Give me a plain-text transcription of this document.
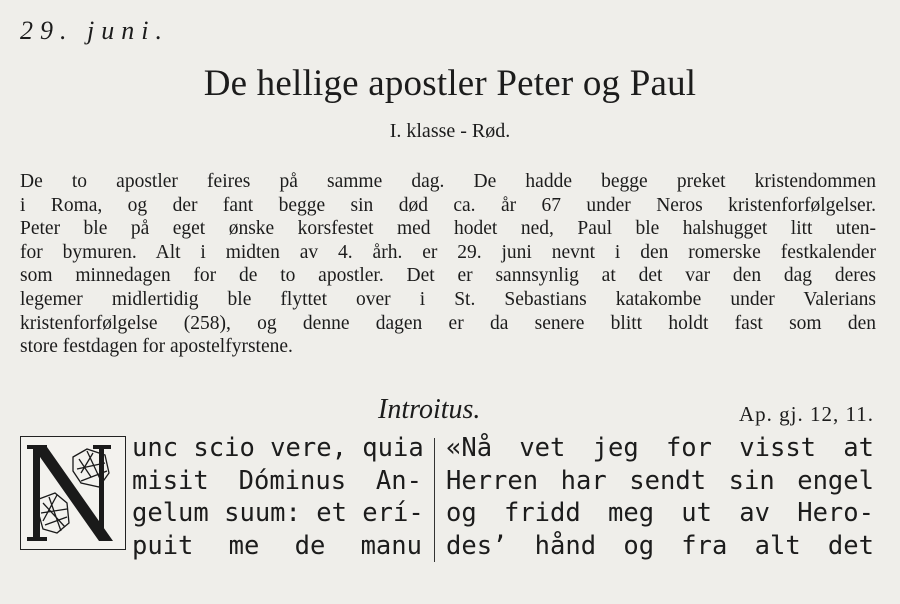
29. juni.
De hellige apostler Peter og Paul
I. klasse - Rød.
De to apostler feires på samme dag. De hadde begge preket kristendommen
i Roma, og der fant begge sin død ca. år 67 under Neros kristenforfølgelser.
Peter ble på eget ønske korsfestet med hodet ned, Paul ble halshugget litt uten-
for bymuren. Alt i midten av 4. årh. er 29. juni nevnt i den romerske festkalender
som minnedagen for de to apostler. Det er sannsynlig at det var den dag deres
legemer midlertidig ble flyttet over i St. Sebastians katakombe under Valerians
kristenforfølgelse (258), og denne dagen er da senere blitt holdt fast som den
store festdagen for apostelfyrstene.
Introitus.	Ap. gj. 12, 11.
N
unc scio vere, quia
misit Dóminus An-
gelum suum: et erí-
puit me de manu
«Nå vet jeg for visst at
Herren har sendt sin engel
og fridd meg ut av Hero-
des’ hånd og fra alt det
